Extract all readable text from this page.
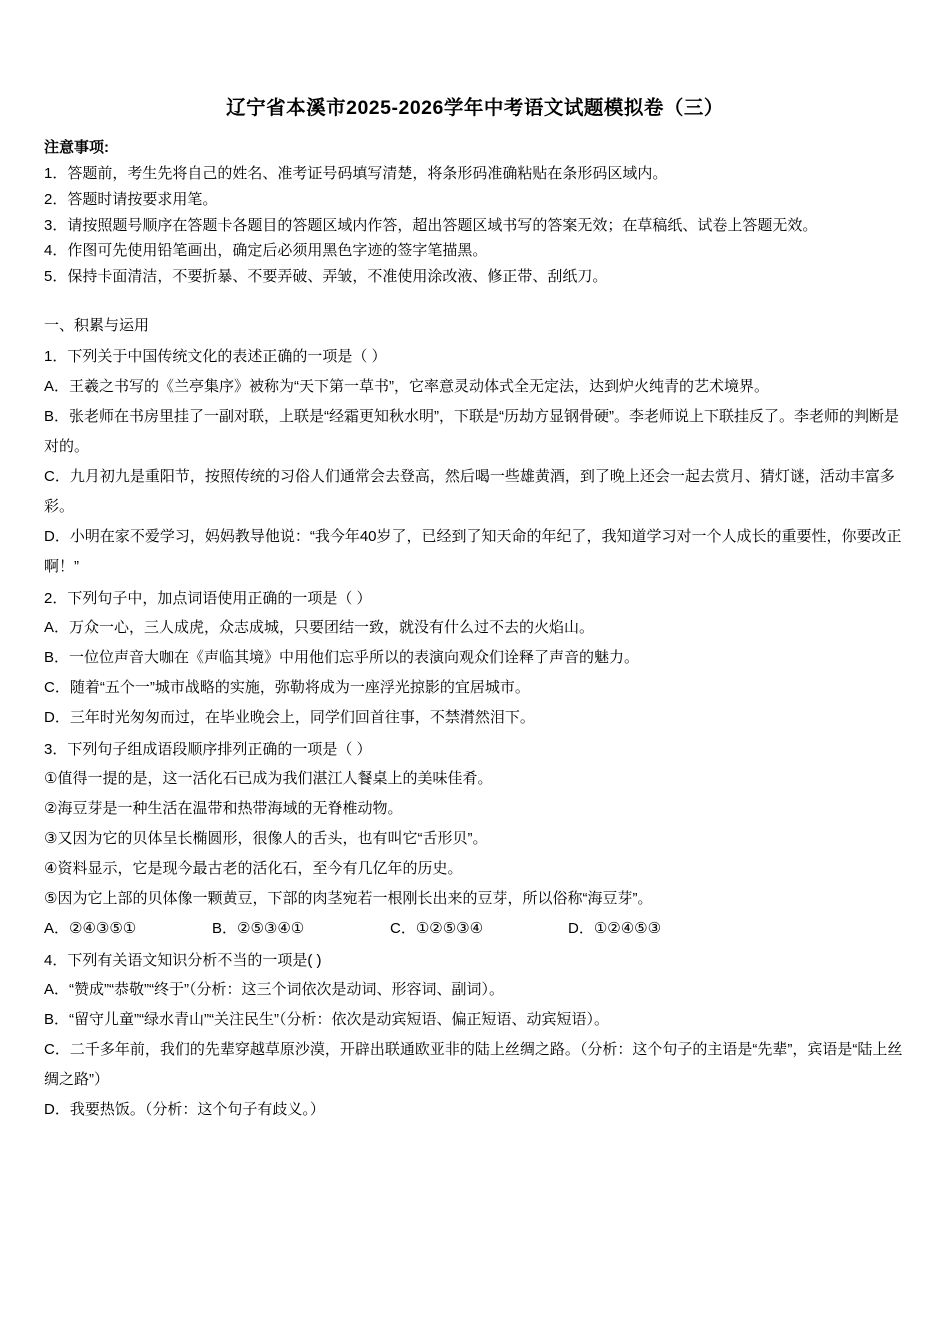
辽宁省本溪市2025-2026学年中考语文试题模拟卷（三）
注意事项:
1．答题前，考生先将自己的姓名、准考证号码填写清楚，将条形码准确粘贴在条形码区域内。
2．答题时请按要求用笔。
3．请按照题号顺序在答题卡各题目的答题区域内作答，超出答题区域书写的答案无效；在草稿纸、试卷上答题无效。
4．作图可先使用铅笔画出，确定后必须用黑色字迹的签字笔描黑。
5．保持卡面清洁，不要折暴、不要弄破、弄皱，不准使用涂改液、修正带、刮纸刀。
一、积累与运用
1．下列关于中国传统文化的表述正确的一项是（ ）
A．王羲之书写的《兰亭集序》被称为“天下第一草书”，它率意灵动体式全无定法，达到炉火纯青的艺术境界。
B．张老师在书房里挂了一副对联，上联是“经霜更知秋水明”，下联是“历劫方显钢骨硬”。李老师说上下联挂反了。李老师的判断是对的。
C．九月初九是重阳节，按照传统的习俗人们通常会去登高，然后喝一些雄黄酒，到了晚上还会一起去赏月、猜灯谜，活动丰富多彩。
D．小明在家不爱学习，妈妈教导他说：“我今年40岁了，已经到了知天命的年纪了，我知道学习对一个人成长的重要性，你要改正啊！”
2．下列句子中，加点词语使用正确的一项是（ ）
A．万众一心，三人成虎，众志成城，只要团结一致，就没有什么过不去的火焰山。
B．一位位声音大咖在《声临其境》中用他们忘乎所以的表演向观众们诠释了声音的魅力。
C．随着“五个一”城市战略的实施，弥勒将成为一座浮光掠影的宜居城市。
D．三年时光匆匆而过，在毕业晚会上，同学们回首往事，不禁潸然泪下。
3．下列句子组成语段顺序排列正确的一项是（ ）
①值得一提的是，这一活化石已成为我们湛江人餐桌上的美味佳肴。
②海豆芽是一种生活在温带和热带海域的无脊椎动物。
③又因为它的贝体呈长椭圆形，很像人的舌头，也有叫它“舌形贝”。
④资料显示，它是现今最古老的活化石，至今有几亿年的历史。
⑤因为它上部的贝体像一颗黄豆，下部的肉茎宛若一根刚长出来的豆芽，所以俗称“海豆芽”。
A．②④③⑤①	B．②⑤③④①	C．①②⑤③④	D．①②④⑤③
4．下列有关语文知识分析不当的一项是( )
A．“赞成”“恭敬”“终于”（分析：这三个词依次是动词、形容词、副词）。
B．“留守儿童”“绿水青山”“关注民生”（分析：依次是动宾短语、偏正短语、动宾短语）。
C．二千多年前，我们的先辈穿越草原沙漠，开辟出联通欧亚非的陆上丝绸之路。（分析：这个句子的主语是“先辈”，宾语是“陆上丝绸之路”）
D．我要热饭。（分析：这个句子有歧义。）
